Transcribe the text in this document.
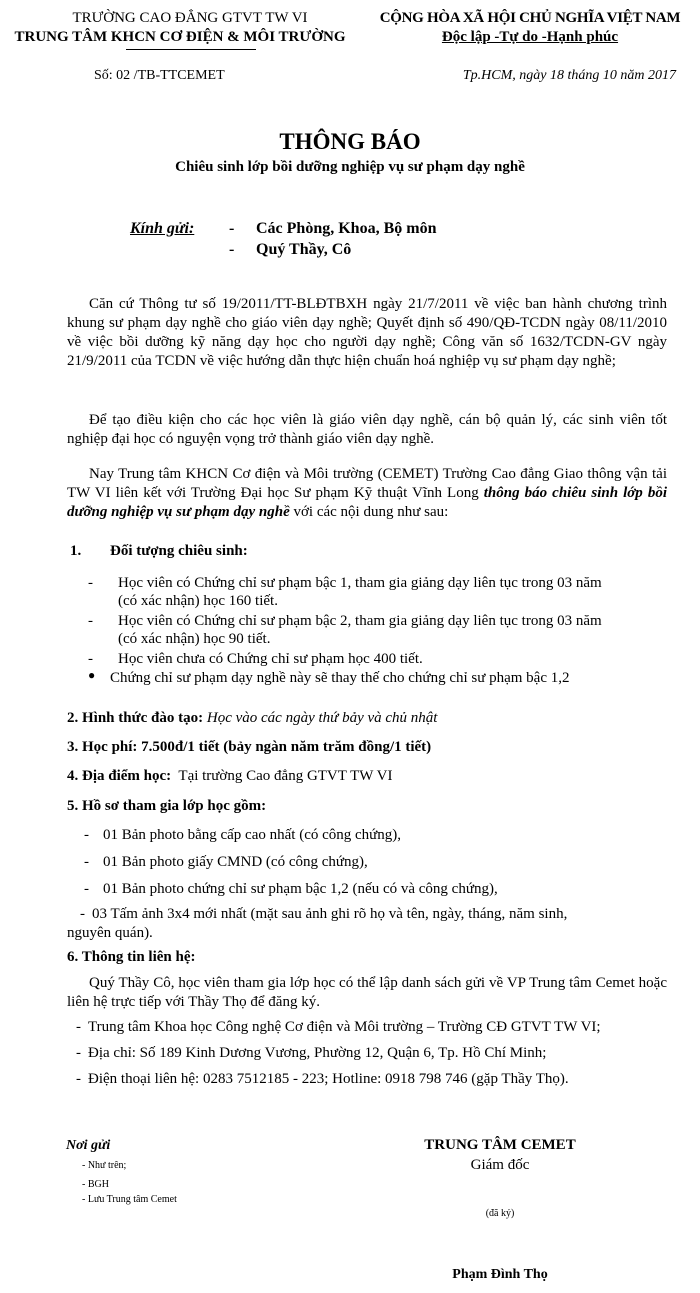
TRƯỜNG CAO ĐẲNG GTVT TW VI
TRUNG TÂM KHCN CƠ ĐIỆN & MÔI TRƯỜNG
CỘNG HÒA XÃ HỘI CHỦ NGHĨA VIỆT NAM
Độc lập -Tự do -Hạnh phúc
Số: 02 /TB-TTCEMET	Tp.HCM, ngày 18 tháng 10 năm 2017
THÔNG BÁO
Chiêu sinh lớp bồi dưỡng nghiệp vụ sư phạm dạy nghề
Kính gửi: - Các Phòng, Khoa, Bộ môn
- Quý Thầy, Cô
Căn cứ Thông tư số 19/2011/TT-BLĐTBXH ngày 21/7/2011 về việc ban hành chương trình khung sư phạm dạy nghề cho giáo viên dạy nghề; Quyết định số 490/QĐ-TCDN ngày 08/11/2010 về việc bồi dưỡng kỹ năng dạy học cho người dạy nghề; Công văn số 1632/TCDN-GV ngày 21/9/2011 của TCDN về việc hướng dẫn thực hiện chuẩn hoá nghiệp vụ sư phạm dạy nghề;
Để tạo điều kiện cho các học viên là giáo viên dạy nghề, cán bộ quản lý, các sinh viên tốt nghiệp đại học có nguyện vọng trở thành giáo viên dạy nghề.
Nay Trung tâm KHCN Cơ điện và Môi trường (CEMET) Trường Cao đẳng Giao thông vận tải TW VI liên kết với Trường Đại học Sư phạm Kỹ thuật Vĩnh Long thông báo chiêu sinh lớp bồi dưỡng nghiệp vụ sư phạm dạy nghề với các nội dung như sau:
1. Đối tượng chiêu sinh:
- Học viên có Chứng chỉ sư phạm bậc 1, tham gia giảng dạy liên tục trong 03 năm
(có xác nhận) học 160 tiết.
- Học viên có Chứng chỉ sư phạm bậc 2, tham gia giảng dạy liên tục trong 03 năm
(có xác nhận) học 90 tiết.
- Học viên chưa có Chứng chỉ sư phạm học 400 tiết.
● Chứng chỉ sư phạm dạy nghề này sẽ thay thế cho chứng chỉ sư phạm bậc 1,2
2. Hình thức đào tạo: Học vào các ngày thứ bảy và chủ nhật
3. Học phí: 7.500đ/1 tiết (bảy ngàn năm trăm đồng/1 tiết)
4. Địa điểm học: Tại trường Cao đẳng GTVT TW VI
5. Hồ sơ tham gia lớp học gồm:
- 01 Bản photo bằng cấp cao nhất (có công chứng),
- 01 Bản photo giấy CMND (có công chứng),
- 01 Bản photo chứng chỉ sư phạm bậc 1,2 (nếu có và công chứng),
- 03 Tấm ảnh 3x4 mới nhất (mặt sau ảnh ghi rõ họ và tên, ngày, tháng, năm sinh,
nguyên quán).
6. Thông tin liên hệ:
Quý Thầy Cô, học viên tham gia lớp học có thể lập danh sách gửi về VP Trung tâm Cemet hoặc liên hệ trực tiếp với Thầy Thọ để đăng ký.
- Trung tâm Khoa học Công nghệ Cơ điện và Môi trường – Trường CĐ GTVT TW VI;
- Địa chỉ: Số 189 Kinh Dương Vương, Phường 12, Quận 6, Tp. Hồ Chí Minh;
- Điện thoại liên hệ: 0283 7512185 - 223; Hotline: 0918 798 746 (gặp Thầy Thọ).
Nơi gửi
- Như trên;
- BGH
- Lưu Trung tâm Cemet
TRUNG TÂM CEMET
Giám đốc
(đã ký)
Phạm Đình Thọ
